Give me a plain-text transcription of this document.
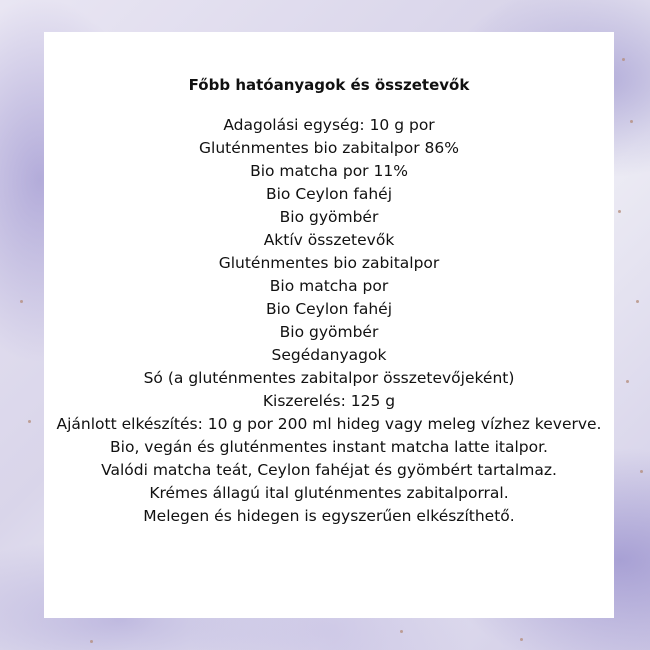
Főbb hatóanyagok és összetevők
Adagolási egység: 10 g por
Gluténmentes bio zabitalpor 86%
Bio matcha por 11%
Bio Ceylon fahéj
Bio gyömbér
Aktív összetevők
Gluténmentes bio zabitalpor
Bio matcha por
Bio Ceylon fahéj
Bio gyömbér
Segédanyagok
Só (a gluténmentes zabitalpor összetevőjeként)
Kiszerelés: 125 g
Ajánlott elkészítés: 10 g por 200 ml hideg vagy meleg vízhez keverve.
Bio, vegán és gluténmentes instant matcha latte italpor.
Valódi matcha teát, Ceylon fahéjat és gyömbért tartalmaz.
Krémes állagú ital gluténmentes zabitalporral.
Melegen és hidegen is egyszerűen elkészíthető.
